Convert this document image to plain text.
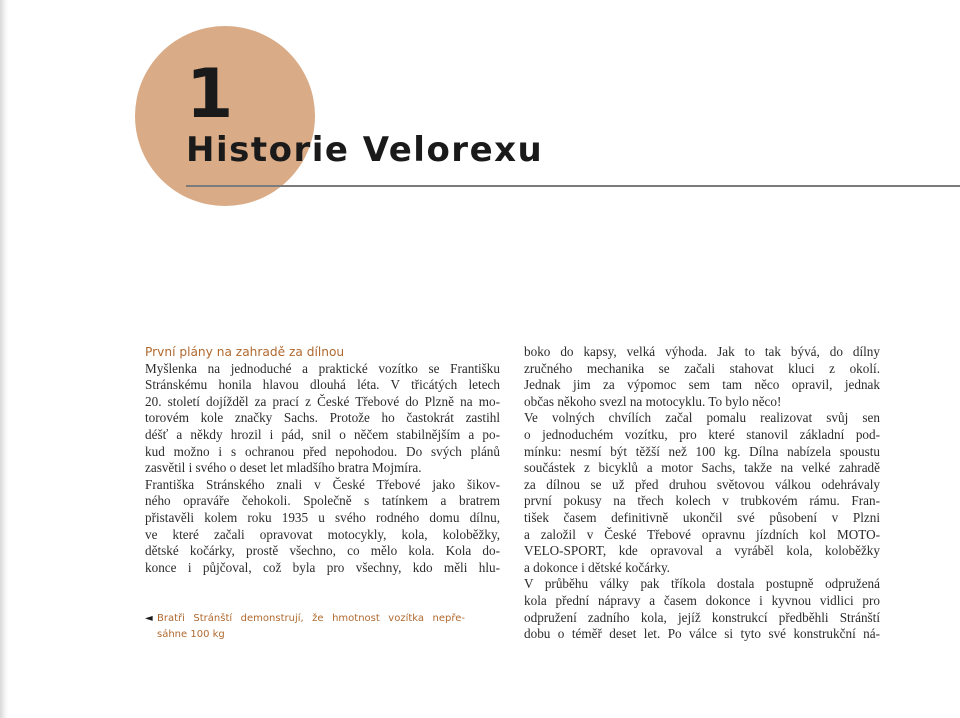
1
Historie Velorexu
První plány na zahradě za dílnou
Myšlenka na jednoduché a praktické vozítko se Františku
Stránskému honila hlavou dlouhá léta. V třicátých letech
20. století dojížděl za prací z České Třebové do Plzně na mo-
torovém kole značky Sachs. Protože ho častokrát zastihl
déšť a někdy hrozil i pád, snil o něčem stabilnějším a po-
kud možno i s ochranou před nepohodou. Do svých plánů
zasvětil i svého o deset let mladšího bratra Mojmíra.
Františka Stránského znali v České Třebové jako šikov-
ného opraváře čehokoli. Společně s tatínkem a bratrem
přistavěli kolem roku 1935 u svého rodného domu dílnu,
ve které začali opravovat motocykly, kola, koloběžky,
dětské kočárky, prostě všechno, co mělo kola. Kola do-
konce i půjčoval, což byla pro všechny, kdo měli hlu-
boko do kapsy, velká výhoda. Jak to tak bývá, do dílny
zručného mechanika se začali stahovat kluci z okolí.
Jednak jim za výpomoc sem tam něco opravil, jednak
občas někoho svezl na motocyklu. To bylo něco!
Ve volných chvílích začal pomalu realizovat svůj sen
o jednoduchém vozítku, pro které stanovil základní pod-
mínku: nesmí být těžší než 100 kg. Dílna nabízela spoustu
součástek z bicyklů a motor Sachs, takže na velké zahradě
za dílnou se už před druhou světovou válkou odehrávaly
první pokusy na třech kolech v trubkovém rámu. Fran-
tišek časem definitivně ukončil své působení v Plzni
a založil v České Třebové opravnu jízdních kol MOTO-
VELO-SPORT, kde opravoval a vyráběl kola, koloběžky
a dokonce i dětské kočárky.
V průběhu války pak tříkola dostala postupně odpružená
kola přední nápravy a časem dokonce i kyvnou vidlici pro
odpružení zadního kola, jejíž konstrukcí předběhli Stránští
dobu o téměř deset let. Po válce si tyto své konstrukční ná-
◄ Bratři Stránští demonstrují, že hmotnost vozítka nepře-
sáhne 100 kg
